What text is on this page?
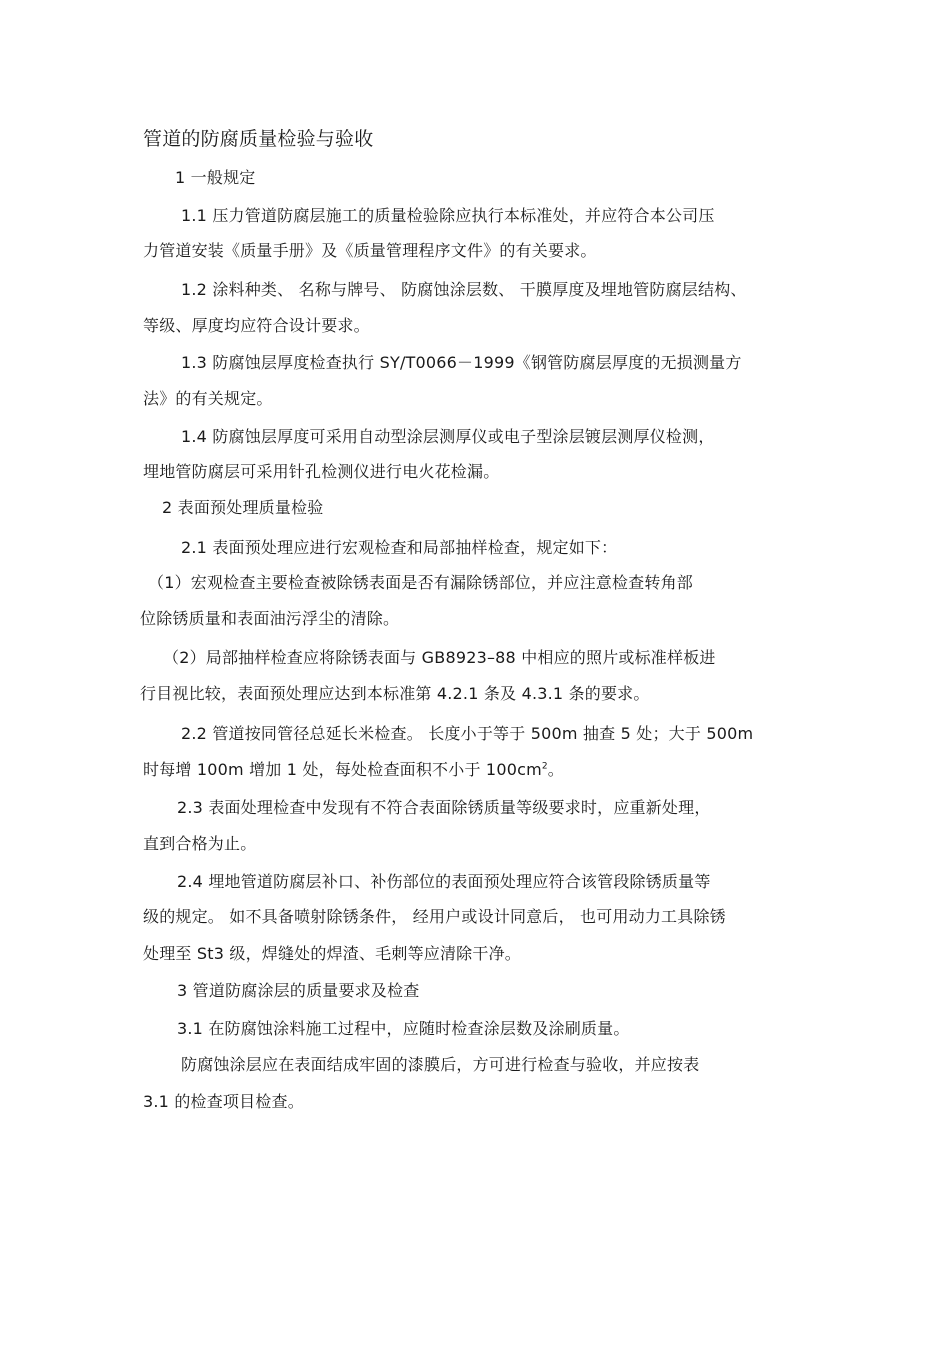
管道的防腐质量检验与验收
1 一般规定
1.1 压力管道防腐层施工的质量检验除应执行本标准处，并应符合本公司压
力管道安装《质量手册》及《质量管理程序文件》的有关要求。
1.2 涂料种类、 名称与牌号、 防腐蚀涂层数、 干膜厚度及埋地管防腐层结构、
等级、厚度均应符合设计要求。
1.3 防腐蚀层厚度检查执行 SY/T0066－1999《钢管防腐层厚度的无损测量方
法》的有关规定。
1.4 防腐蚀层厚度可采用自动型涂层测厚仪或电子型涂层镀层测厚仪检测，
埋地管防腐层可采用针孔检测仪进行电火花检漏。
2 表面预处理质量检验
2.1 表面预处理应进行宏观检查和局部抽样检查，规定如下：
（1）宏观检查主要检查被除锈表面是否有漏除锈部位，并应注意检查转角部
位除锈质量和表面油污浮尘的清除。
（2）局部抽样检查应将除锈表面与 GB8923–88 中相应的照片或标准样板进
行目视比较，表面预处理应达到本标准第 4.2.1 条及 4.3.1 条的要求。
2.2 管道按同管径总延长米检查。 长度小于等于 500m 抽查 5 处；大于 500m
时每增 100m 增加 1 处，每处检查面积不小于 $100cm^2$。
2.3 表面处理检查中发现有不符合表面除锈质量等级要求时，应重新处理，
直到合格为止。
2.4 埋地管道防腐层补口、补伤部位的表面预处理应符合该管段除锈质量等
级的规定。 如不具备喷射除锈条件， 经用户或设计同意后， 也可用动力工具除锈
处理至 St3 级，焊缝处的焊渣、毛刺等应清除干净。
3 管道防腐涂层的质量要求及检查
3.1 在防腐蚀涂料施工过程中，应随时检查涂层数及涂刷质量。
防腐蚀涂层应在表面结成牢固的漆膜后，方可进行检查与验收，并应按表
3.1 的检查项目检查。
